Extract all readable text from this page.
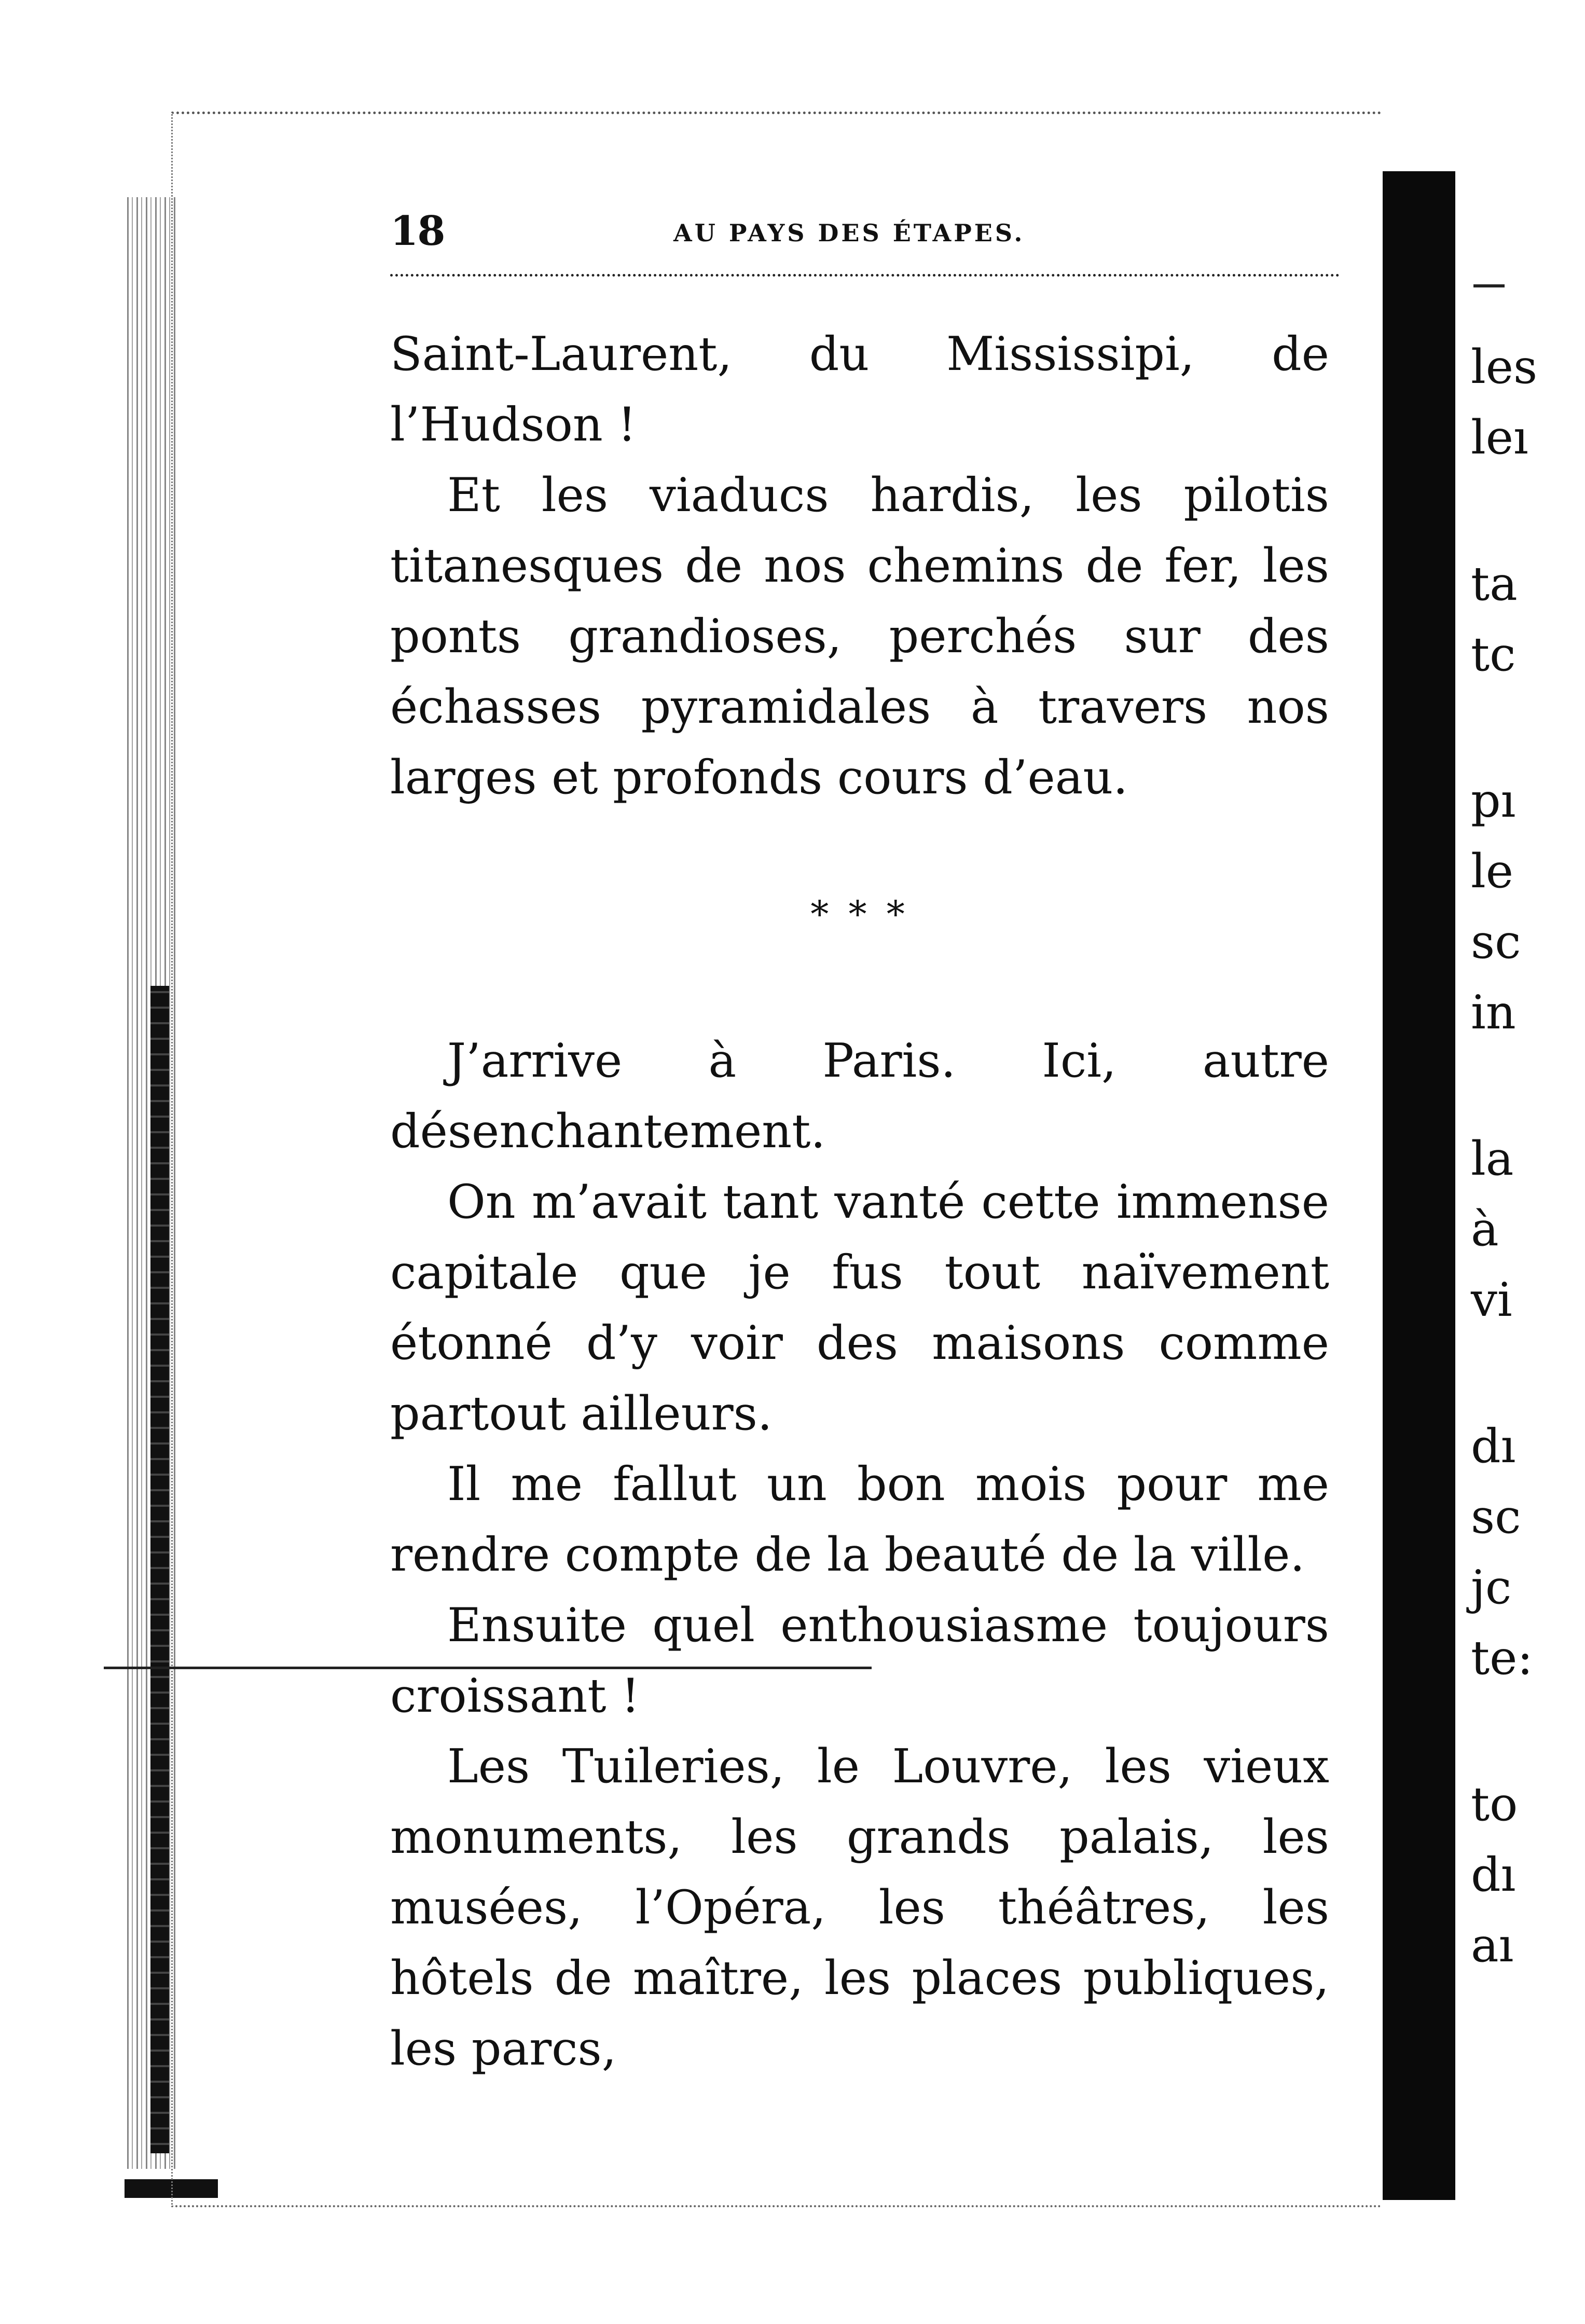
18	AU PAYS DES ÉTAPES.

Saint-Laurent, du Mississipi, de l’Hudson !

Et les viaducs hardis, les pilotis titanesques de nos chemins de fer, les ponts grandioses, perchés sur des échasses pyramidales à travers nos larges et profonds cours d’eau.

* * *

J’arrive à Paris. Ici, autre désenchantement.

On m’avait tant vanté cette immense capitale que je fus tout naïvement étonné d’y voir des maisons comme partout ailleurs.

Il me fallut un bon mois pour me rendre compte de la beauté de la ville.

Ensuite quel enthousiasme toujours croissant !

Les Tuileries, le Louvre, les vieux monuments, les grands palais, les musées, l’Opéra, les théâtres, les hôtels de maître, les places publiques, les parcs,

les
leı
ta
tc
pı
le
sc
in
la
à
vi
dı
sc
jc
te:
to
dı
aı
